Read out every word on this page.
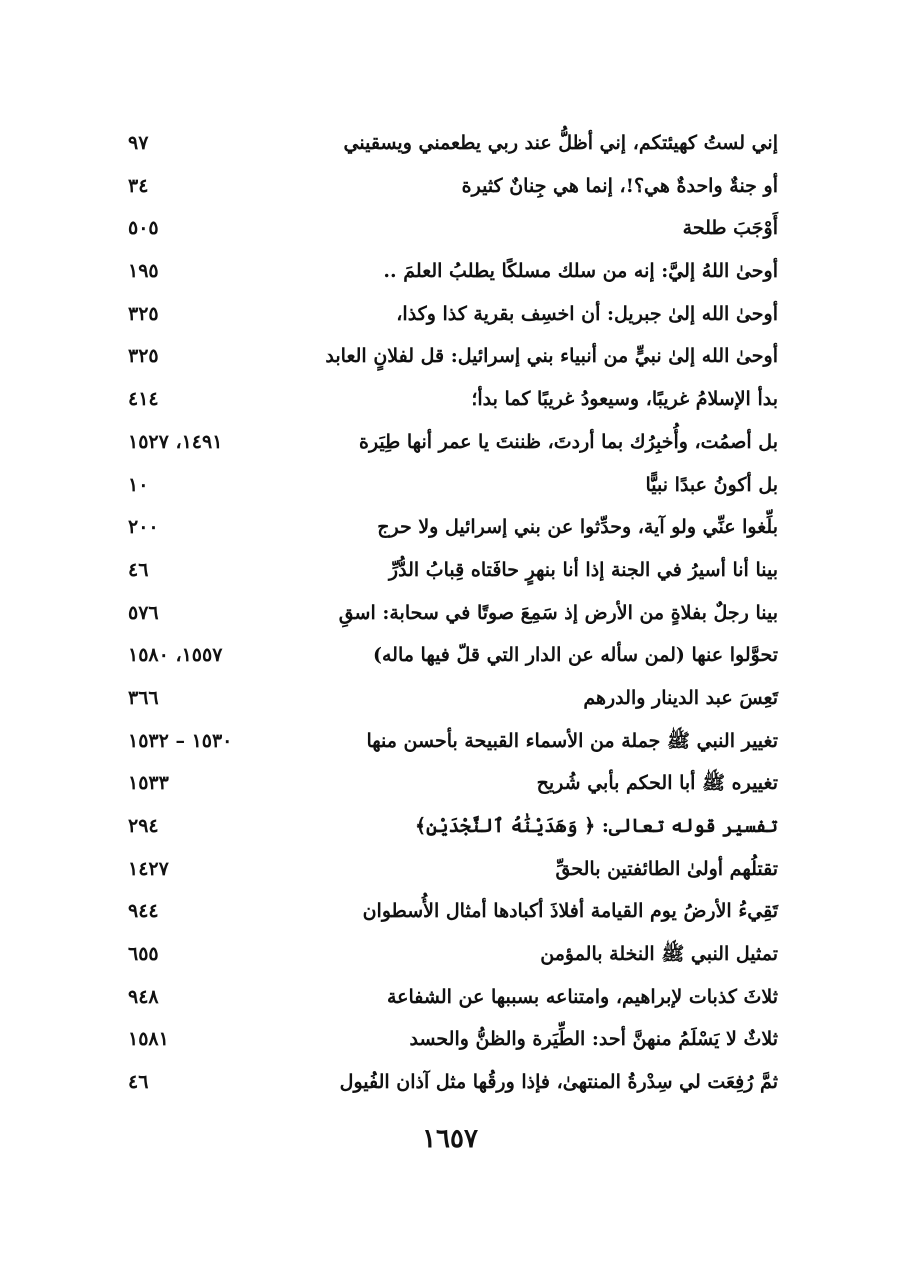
إني لستُ كهيئتكم، إني أظلُّ عند ربي يطعمني ويسقيني
٩٧
أو جنةٌ واحدةٌ هي؟!، إنما هي جِنانٌ كثيرة
٣٤
أَوْجَبَ طلحة
٥٠٥
أوحىٰ اللهُ إليَّ: إنه من سلك مسلكًا يطلبُ العلمَ ..
١٩٥
أوحىٰ الله إلىٰ جبريل: أن اخسِف بقرية كذا وكذا،
٣٢٥
أوحىٰ الله إلىٰ نبيٍّ من أنبياء بني إسرائيل: قل لفلانٍ العابد
٣٢٥
بدأ الإسلامُ غريبًا، وسيعودُ غريبًا كما بدأ؛
٤١٤
بل أصمُت، وأُخبِرُك بما أردتَ، ظننتَ يا عمر أنها طِيَرة
١٤٩١، ١٥٢٧
بل أكونُ عبدًا نبيًّا
١٠
بلِّغوا عنِّي ولو آية، وحدِّثوا عن بني إسرائيل ولا حرج
٢٠٠
بينا أنا أسيرُ في الجنة إذا أنا بنهرٍ حافَتاه قِبابُ الدُّرِّ
٤٦
بينا رجلٌ بفلاةٍ من الأرض إذ سَمِعَ صوتًا في سحابة: اسقِ
٥٧٦
تحوَّلوا عنها (لمن سأله عن الدار التي قلّ فيها ماله)
١٥٥٧، ١٥٨٠
تَعِسَ عبد الدينار والدرهم
٣٦٦
تغيير النبي ﷺ جملة من الأسماء القبيحة بأحسن منها
١٥٣٠ – ١٥٣٢
تغييره ﷺ أبا الحكم بأبي شُريح
١٥٣٣
تفسير قوله تعالى: ﴿ وَهَدَيْنَٰهُ ٱلنَّجْدَيْنِ﴾
٢٩٤
تقتلُهم أولىٰ الطائفتين بالحقِّ
١٤٢٧
تَقِيءُ الأرضُ يوم القيامة أفلاذَ أكبادها أمثال الأُسطوان
٩٤٤
تمثيل النبي ﷺ النخلة بالمؤمن
٦٥٥
ثلاثَ كذبات لإبراهيم، وامتناعه بسببها عن الشفاعة
٩٤٨
ثلاثٌ لا يَسْلَمُ منهنَّ أحد: الطِّيَرة والظنُّ والحسد
١٥٨١
ثمَّ رُفِعَت لي سِدْرةُ المنتهىٰ، فإذا ورقُها مثل آذان الفُيول
٤٦
١٦٥٧
